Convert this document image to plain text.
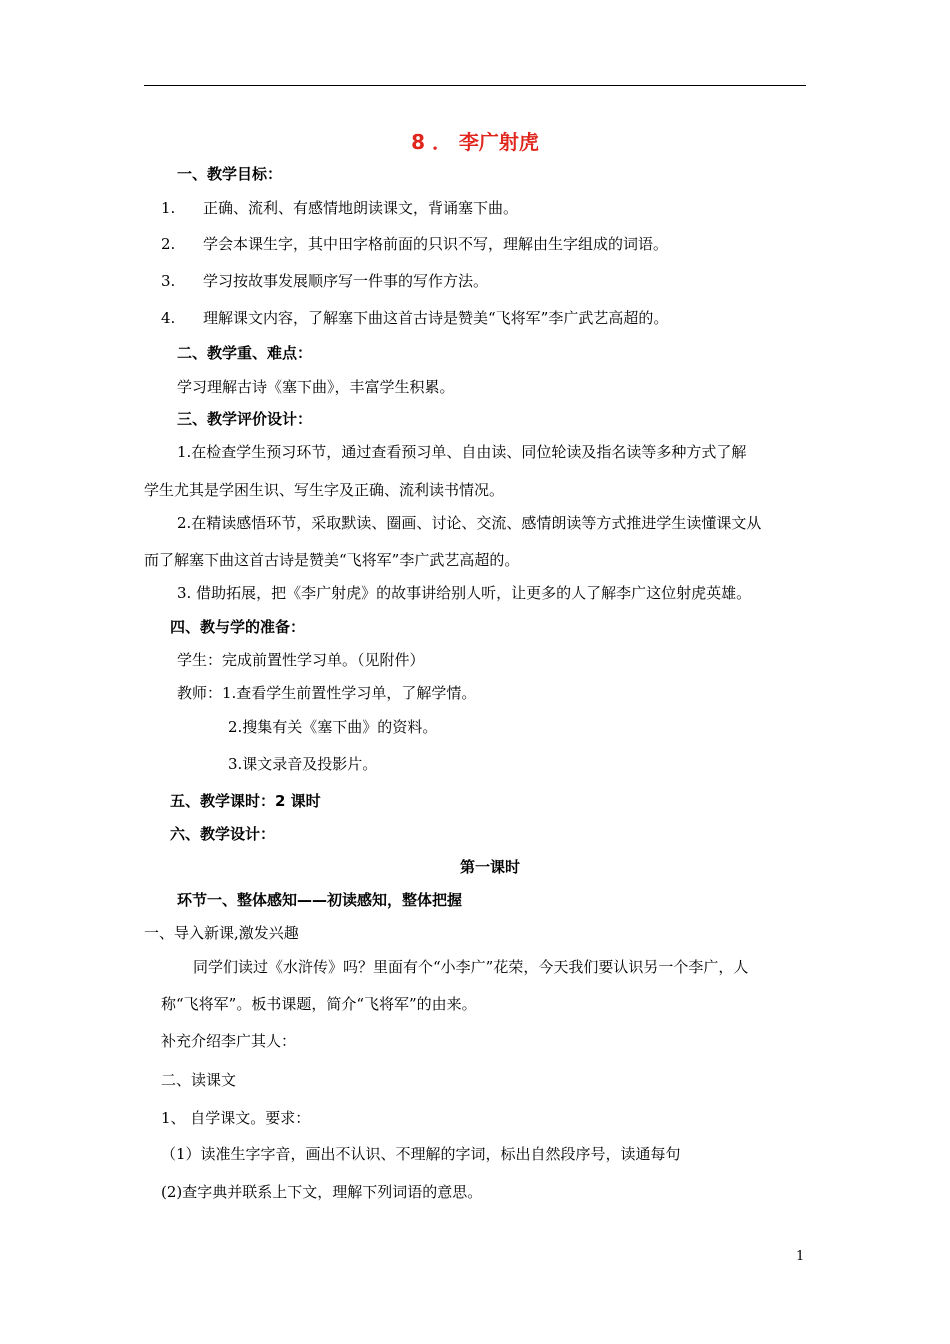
8 ． 李广射虎
一、教学目标：
1. 正确、流利、有感情地朗读课文，背诵塞下曲。
2. 学会本课生字，其中田字格前面的只识不写，理解由生字组成的词语。
3. 学习按故事发展顺序写一件事的写作方法。
4. 理解课文内容，了解塞下曲这首古诗是赞美“飞将军”李广武艺高超的。
二、教学重、难点：
学习理解古诗《塞下曲》，丰富学生积累。
三、教学评价设计：
1.在检查学生预习环节，通过查看预习单、自由读、同位轮读及指名读等多种方式了解
学生尤其是学困生识、写生字及正确、流利读书情况。
2.在精读感悟环节，采取默读、圈画、讨论、交流、感情朗读等方式推进学生读懂课文从
而了解塞下曲这首古诗是赞美“飞将军”李广武艺高超的。
3. 借助拓展，把《李广射虎》的故事讲给别人听，让更多的人了解李广这位射虎英雄。
四、教与学的准备：
学生：完成前置性学习单。（见附件）
教师：1.查看学生前置性学习单，了解学情。
2.搜集有关《塞下曲》的资料。
3.课文录音及投影片。
五、教学课时：2 课时
六、教学设计：
第一课时
环节一、整体感知——初读感知，整体把握
一、导入新课,激发兴趣
同学们读过《水浒传》吗？里面有个“小李广”花荣，今天我们要认识另一个李广，人
称“飞将军”。板书课题，简介“飞将军”的由来。
补充介绍李广其人：
二、读课文
1、 自学课文。要求：
（1）读准生字字音，画出不认识、不理解的字词，标出自然段序号，读通每句
(2)查字典并联系上下文，理解下列词语的意思。
1
